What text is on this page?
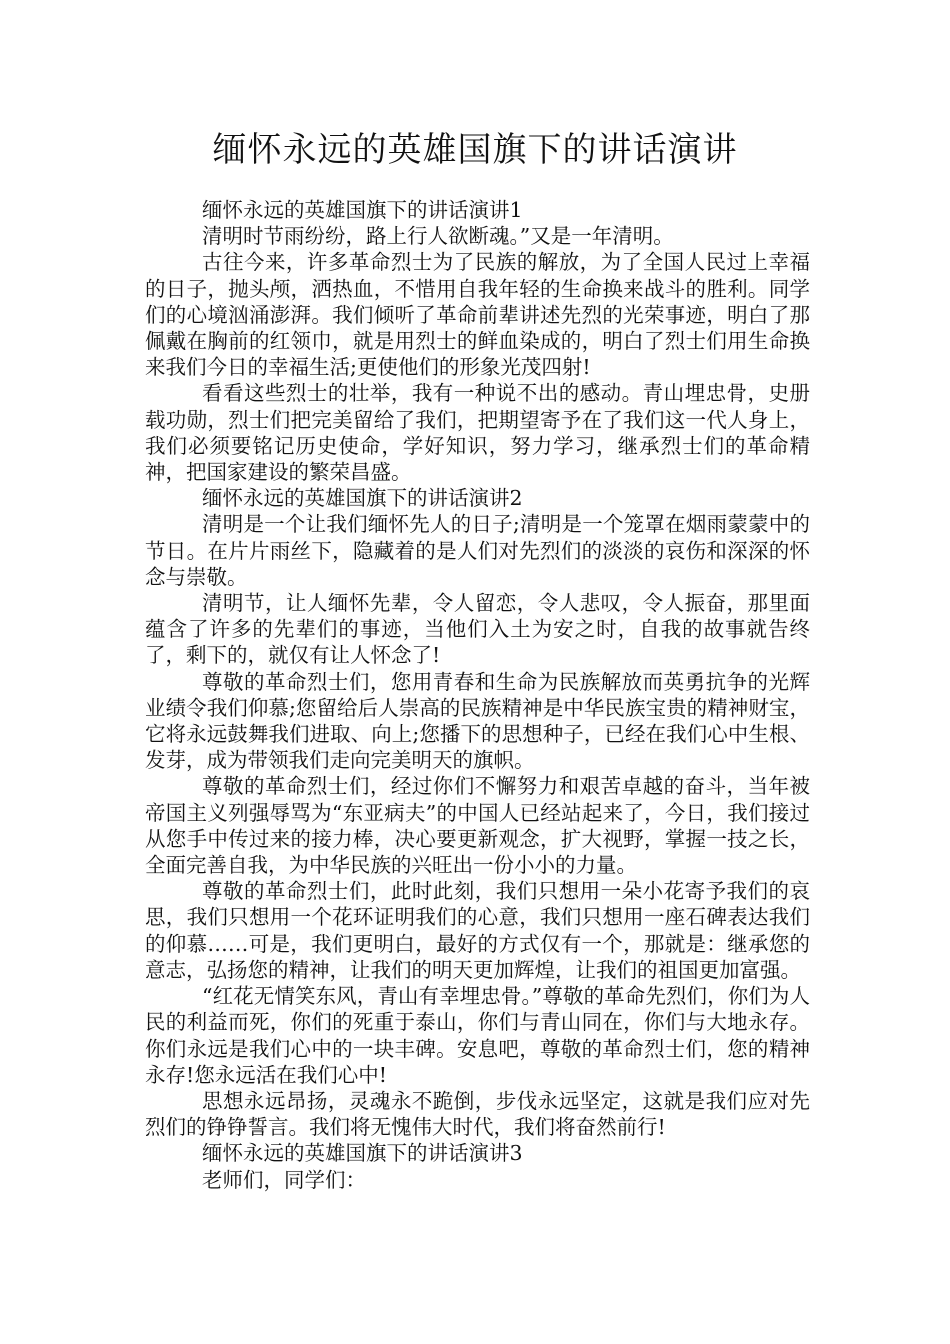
缅怀永远的英雄国旗下的讲话演讲

缅怀永远的英雄国旗下的讲话演讲1

清明时节雨纷纷，路上行人欲断魂。”又是一年清明。

古往今来，许多革命烈士为了民族的解放，为了全国人民过上幸福的日子，抛头颅，洒热血，不惜用自我年轻的生命换来战斗的胜利。同学们的心境汹涌澎湃。我们倾听了革命前辈讲述先烈的光荣事迹，明白了那佩戴在胸前的红领巾，就是用烈士的鲜血染成的，明白了烈士们用生命换来我们今日的幸福生活;更使他们的形象光茂四射!

看看这些烈士的壮举，我有一种说不出的感动。青山埋忠骨，史册载功勋，烈士们把完美留给了我们，把期望寄予在了我们这一代人身上，我们必须要铭记历史使命，学好知识，努力学习，继承烈士们的革命精神，把国家建设的繁荣昌盛。

缅怀永远的英雄国旗下的讲话演讲2

清明是一个让我们缅怀先人的日子;清明是一个笼罩在烟雨蒙蒙中的节日。在片片雨丝下，隐藏着的是人们对先烈们的淡淡的哀伤和深深的怀念与崇敬。

清明节，让人缅怀先辈，令人留恋，令人悲叹，令人振奋，那里面蕴含了许多的先辈们的事迹，当他们入土为安之时，自我的故事就告终了，剩下的，就仅有让人怀念了!

尊敬的革命烈士们，您用青春和生命为民族解放而英勇抗争的光辉业绩令我们仰慕;您留给后人崇高的民族精神是中华民族宝贵的精神财宝，它将永远鼓舞我们进取、向上;您播下的思想种子，已经在我们心中生根、发芽，成为带领我们走向完美明天的旗帜。

尊敬的革命烈士们，经过你们不懈努力和艰苦卓越的奋斗，当年被帝国主义列强辱骂为“东亚病夫”的中国人已经站起来了，今日，我们接过从您手中传过来的接力棒，决心要更新观念，扩大视野，掌握一技之长，全面完善自我，为中华民族的兴旺出一份小小的力量。

尊敬的革命烈士们，此时此刻，我们只想用一朵小花寄予我们的哀思，我们只想用一个花环证明我们的心意，我们只想用一座石碑表达我们的仰慕……可是，我们更明白，最好的方式仅有一个，那就是：继承您的意志，弘扬您的精神，让我们的明天更加辉煌，让我们的祖国更加富强。

“红花无情笑东风，青山有幸埋忠骨。”尊敬的革命先烈们，你们为人民的利益而死，你们的死重于泰山，你们与青山同在，你们与大地永存。你们永远是我们心中的一块丰碑。安息吧，尊敬的革命烈士们，您的精神永存!您永远活在我们心中!

思想永远昂扬，灵魂永不跪倒，步伐永远坚定，这就是我们应对先烈们的铮铮誓言。我们将无愧伟大时代，我们将奋然前行!

缅怀永远的英雄国旗下的讲话演讲3

老师们，同学们：
